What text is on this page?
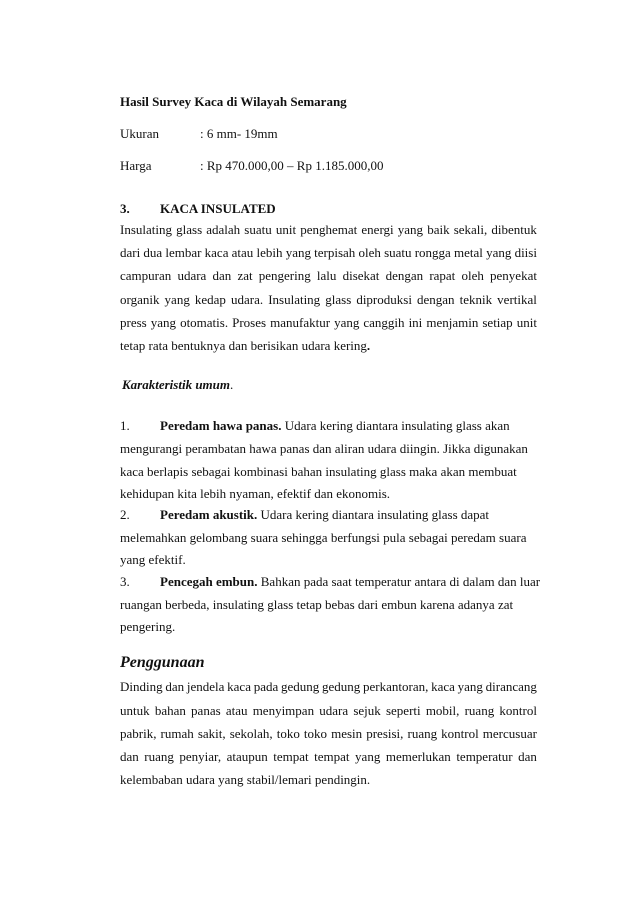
Hasil Survey Kaca di Wilayah Semarang
Ukuran	: 6 mm- 19mm
Harga	: Rp 470.000,00 – Rp 1.185.000,00
3. KACA INSULATED
Insulating glass adalah suatu unit penghemat energi yang baik sekali, dibentuk
dari dua lembar kaca atau lebih yang terpisah oleh suatu rongga metal yang diisi
campuran udara dan zat pengering lalu disekat dengan rapat oleh penyekat
organik yang kedap udara. Insulating glass diproduksi dengan teknik vertikal
press yang otomatis. Proses manufaktur yang canggih ini menjamin setiap unit
tetap rata bentuknya dan berisikan udara kering.
Karakteristik umum.
1. Peredam hawa panas. Udara kering diantara insulating glass akan
mengurangi perambatan hawa panas dan aliran udara diingin. Jikka digunakan
kaca berlapis sebagai kombinasi bahan insulating glass maka akan membuat
kehidupan kita lebih nyaman, efektif dan ekonomis.
2. Peredam akustik. Udara kering diantara insulating glass dapat
melemahkan gelombang suara sehingga berfungsi pula sebagai peredam suara
yang efektif.
3. Pencegah embun. Bahkan pada saat temperatur antara di dalam dan luar
ruangan berbeda, insulating glass tetap bebas dari embun karena adanya zat
pengering.
Penggunaan
Dinding dan jendela kaca pada gedung gedung perkantoran, kaca yang dirancang
untuk bahan panas atau menyimpan udara sejuk seperti mobil, ruang kontrol
pabrik, rumah sakit, sekolah, toko toko mesin presisi, ruang kontrol mercusuar
dan ruang penyiar, ataupun tempat tempat yang memerlukan temperatur dan
kelembaban udara yang stabil/lemari pendingin.
